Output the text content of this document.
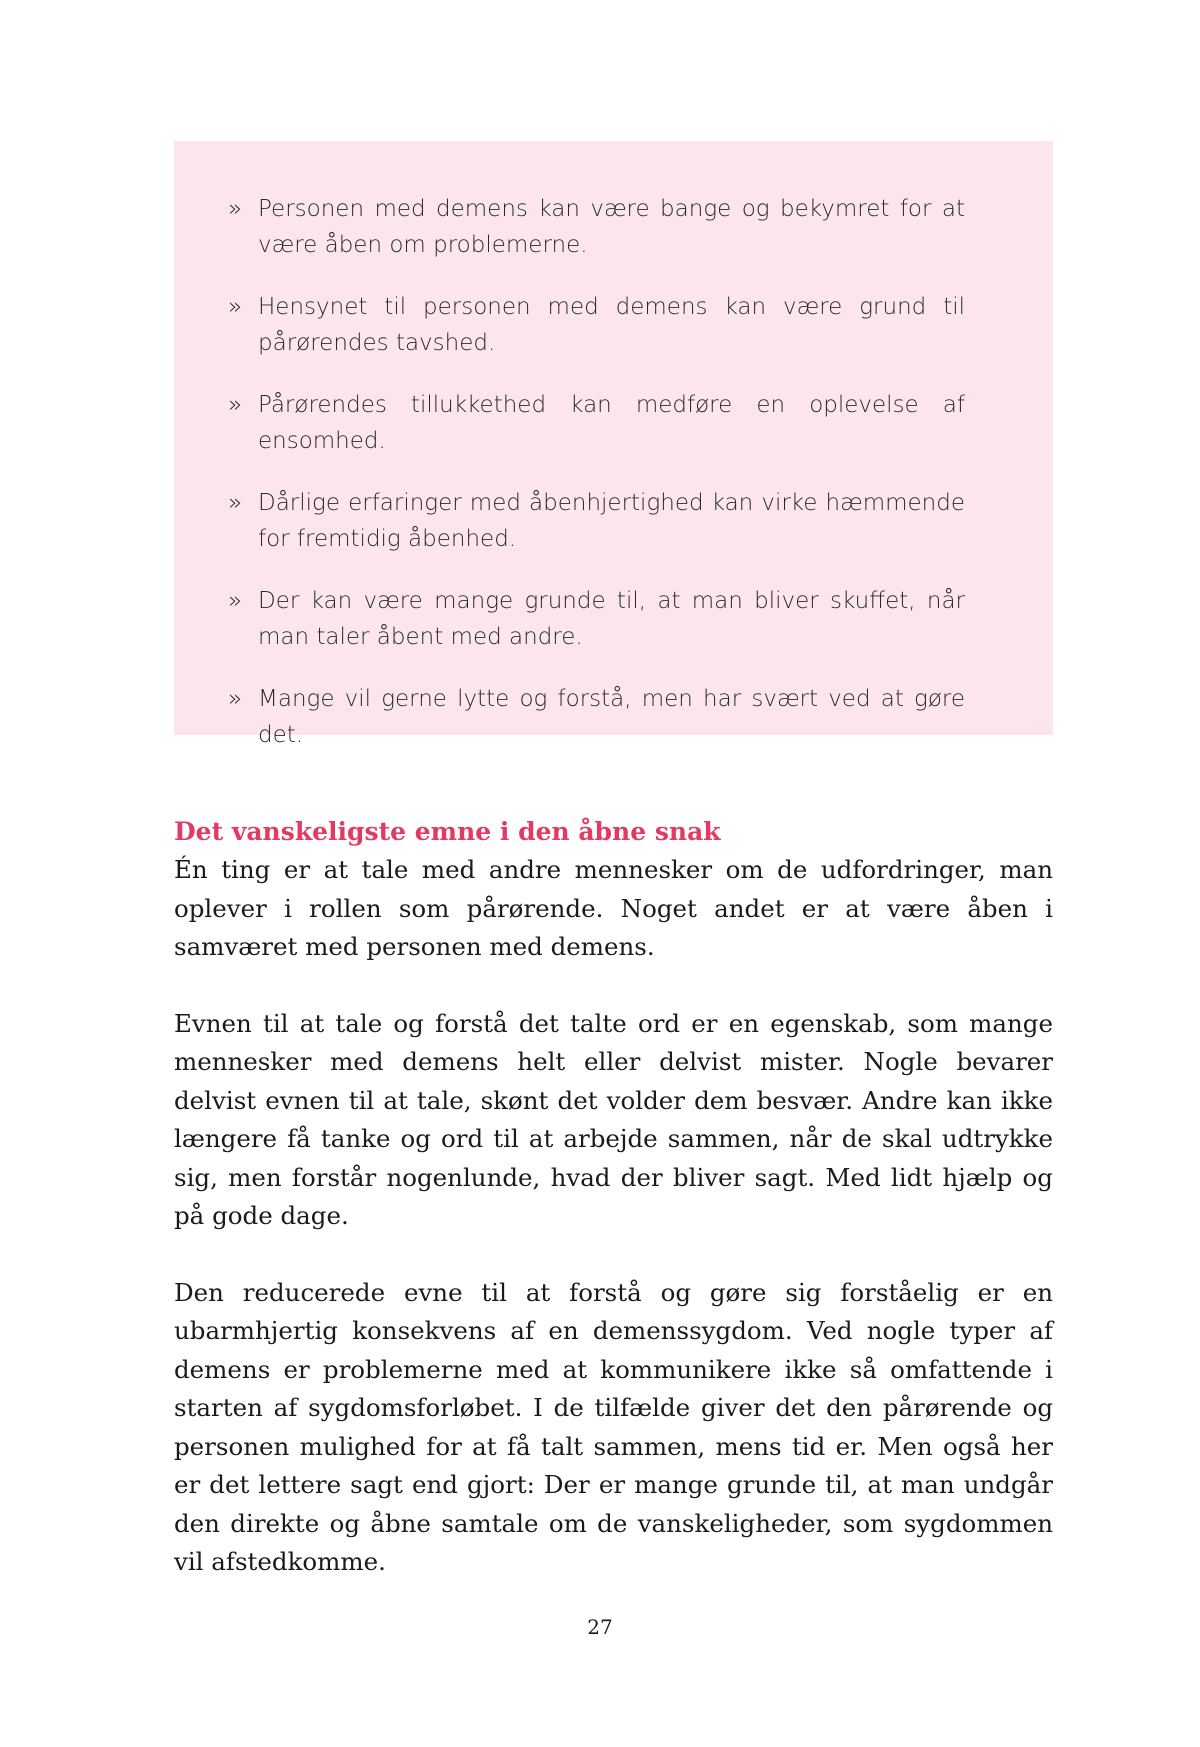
» Personen med demens kan være bange og bekymret for at være åben om problemerne.
» Hensynet til personen med demens kan være grund til pårørendes tavshed.
» Pårørendes tillukkethed kan medføre en oplevelse af ensomhed.
» Dårlige erfaringer med åbenhjertighed kan virke hæmmende for fremtidig åbenhed.
» Der kan være mange grunde til, at man bliver skuffet, når man taler åbent med andre.
» Mange vil gerne lytte og forstå, men har svært ved at gøre det.
Det vanskeligste emne i den åbne snak

Én ting er at tale med andre mennesker om de udfordringer, man oplever i rollen som pårørende. Noget andet er at være åben i samværet med personen med demens.

Evnen til at tale og forstå det talte ord er en egenskab, som mange mennesker med demens helt eller delvist mister. Nogle bevarer delvist evnen til at tale, skønt det volder dem besvær. Andre kan ikke længere få tanke og ord til at arbejde sammen, når de skal udtrykke sig, men forstår nogenlunde, hvad der bliver sagt. Med lidt hjælp og på gode dage.

Den reducerede evne til at forstå og gøre sig forståelig er en ubarmhjertig konsekvens af en demenssygdom. Ved nogle typer af demens er problemerne med at kommunikere ikke så omfattende i starten af sygdomsforløbet. I de tilfælde giver det den pårørende og personen mulighed for at få talt sammen, mens tid er. Men også her er det lettere sagt end gjort: Der er mange grunde til, at man undgår den direkte og åbne samtale om de vanskeligheder, som sygdommen vil afstedkomme.

27
